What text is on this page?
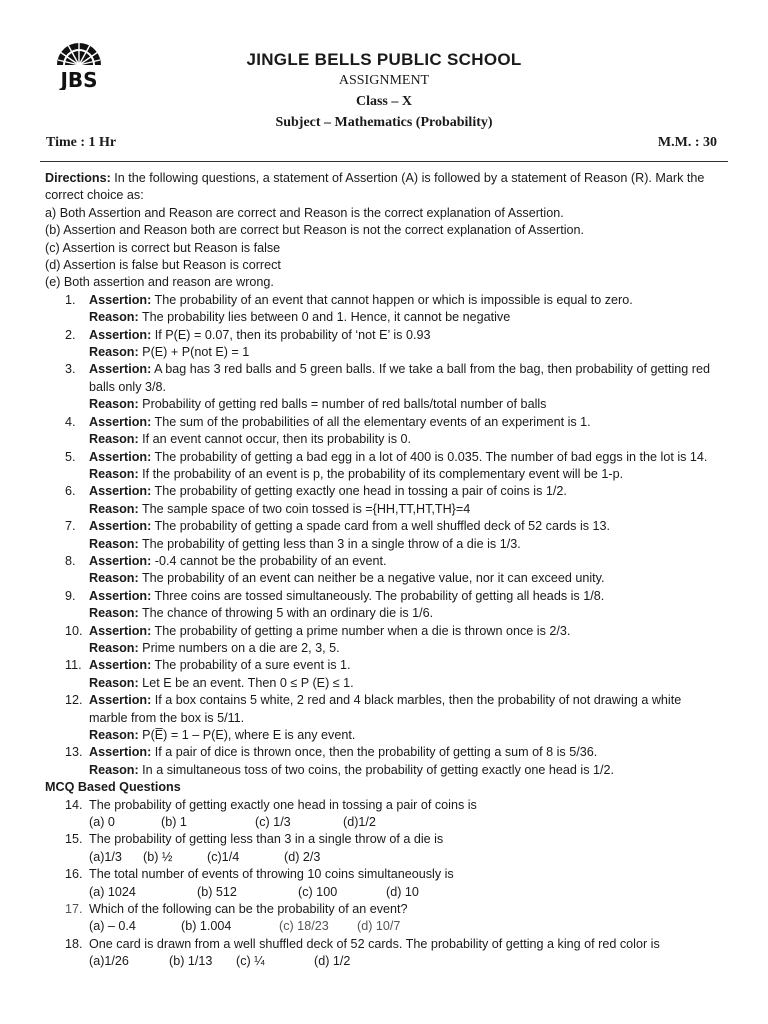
JBS
JINGLE BELLS PUBLIC SCHOOL
ASSIGNMENT
Class – X
Subject – Mathematics (Probability)
Time : 1 Hr	M.M. : 30
Directions: In the following questions, a statement of Assertion (A) is followed by a statement of Reason (R). Mark the
correct choice as:
a) Both Assertion and Reason are correct and Reason is the correct explanation of Assertion.
(b) Assertion and Reason both are correct but Reason is not the correct explanation of Assertion.
(c) Assertion is correct but Reason is false
(d) Assertion is false but Reason is correct
(e) Both assertion and reason are wrong.
1. Assertion: The probability of an event that cannot happen or which is impossible is equal to zero.
Reason: The probability lies between 0 and 1. Hence, it cannot be negative
2. Assertion: If P(E) = 0.07, then its probability of ‘not E’ is 0.93
Reason: P(E) + P(not E) = 1
3. Assertion: A bag has 3 red balls and 5 green balls. If we take a ball from the bag, then probability of getting red
balls only 3/8.
Reason: Probability of getting red balls = number of red balls/total number of balls
4. Assertion: The sum of the probabilities of all the elementary events of an experiment is 1.
Reason: If an event cannot occur, then its probability is 0.
5. Assertion: The probability of getting a bad egg in a lot of 400 is 0.035. The number of bad eggs in the lot is 14.
Reason: If the probability of an event is p, the probability of its complementary event will be 1-p.
6. Assertion: The probability of getting exactly one head in tossing a pair of coins is 1/2.
Reason: The sample space of two coin tossed is ={HH,TT,HT,TH}=4
7. Assertion: The probability of getting a spade card from a well shuffled deck of 52 cards is 13.
Reason: The probability of getting less than 3 in a single throw of a die is 1/3.
8. Assertion: -0.4 cannot be the probability of an event.
Reason: The probability of an event can neither be a negative value, nor it can exceed unity.
9. Assertion: Three coins are tossed simultaneously. The probability of getting all heads is 1/8.
Reason: The chance of throwing 5 with an ordinary die is 1/6.
10. Assertion: The probability of getting a prime number when a die is thrown once is 2/3.
Reason: Prime numbers on a die are 2, 3, 5.
11. Assertion: The probability of a sure event is 1.
Reason: Let E be an event. Then 0 ≤ P (E) ≤ 1.
12. Assertion: If a box contains 5 white, 2 red and 4 black marbles, then the probability of not drawing a white
marble from the box is 5/11.
Reason: P(E̅) = 1 – P(E), where E is any event.
13. Assertion: If a pair of dice is thrown once, then the probability of getting a sum of 8 is 5/36.
Reason: In a simultaneous toss of two coins, the probability of getting exactly one head is 1/2.
MCQ Based Questions
14. The probability of getting exactly one head in tossing a pair of coins is
(a) 0	(b) 1	(c) 1/3	(d)1/2
15. The probability of getting less than 3 in a single throw of a die is
(a)1/3 (b) ½	(c)1/4	(d) 2/3
16. The total number of events of throwing 10 coins simultaneously is
(a) 1024	(b) 512	(c) 100	(d) 10
17. Which of the following can be the probability of an event?
(a) – 0.4	(b) 1.004	(c) 18/23 (d) 10/7
18. One card is drawn from a well shuffled deck of 52 cards. The probability of getting a king of red color is
(a)1/26	(b) 1/13 (c) ¼	(d) 1/2
